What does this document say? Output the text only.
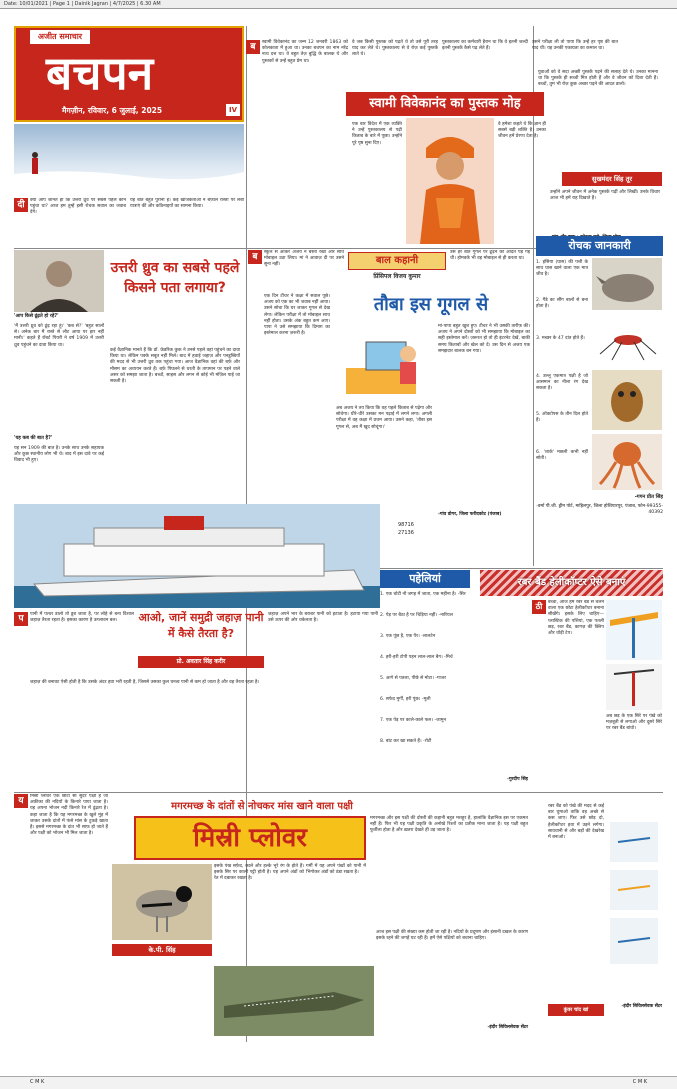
Date: 10/01/2021 | Page 1 | Dainik Jagran | 4/7/2025 | 6.30 AM
अजीत समाचार
बचपन
मैगज़ीन, रविवार, 6 जुलाई, 2025	IV
ब	स्वामी विवेकानंद का जन्म 12 जनवरी 1863 को कोलकाता में हुआ था। उनका बचपन का नाम नरेंद्र नाथ दत्त था। वे बहुत तेज़ बुद्धि के बालक थे और पुस्तकों से उन्हें बहुत प्रेम था।
वे जब किसी पुस्तक को पढ़ते थे तो उसे पूरी तरह याद कर लेते थे। पुस्तकालय से वे रोज़ कई पुस्तकें लाते थे।
पुस्तकालय का कर्मचारी हैरान था कि वे इतनी जल्दी इतनी पुस्तकें कैसे पढ़ लेते हैं।
उसने परीक्षा ली तो पाया कि उन्हें हर पृष्ठ की बात याद थी। यह उनकी एकाग्रता का कमाल था।
स्वामी विवेकानंद का पुस्तक मोह
एक बार विदेश में एक व्यक्ति ने उन्हें पुस्तकालय से पढ़ी किताब के बारे में पूछा। उन्होंने पूरे पृष्ठ सुना दिए।
वे हमेशा कहते थे कि ज्ञान ही सबसे बड़ी शक्ति है। उनका जीवन हमें प्रेरणा देता है।
युवाओं को वे सदा अच्छी पुस्तकें पढ़ने की सलाह देते थे। उनका मानना था कि पुस्तकें ही सच्ची मित्र होती हैं और वे जीवन को दिशा देती हैं। बच्चों, तुम भी रोज़ कुछ अच्छा पढ़ने की आदत डालो।
सुखमंदर सिंह तूर
उन्होंने अपने जीवन में अनेक पुस्तकें पढ़ीं और लिखीं। उनके विचार आज भी हमें राह दिखाते हैं।
दी	क्या आप जानते हो कि उत्तरी ध्रुव पर सबसे पहले कौन पहुंचा था? आज हम तुम्हें इसी रोचक सवाल का जवाब देंगे।
यह बात बहुत पुरानी है। कई खोजकर्ताओं ने बर्फ़ीले रास्तों पर लंबी यात्राएं कीं और कठिनाइयों का सामना किया।
उत्तरी ध्रुव का सबसे पहले किसने पता लगाया?
'आप किसे ढूंढ़ते हो रहे?'
'मैं उत्तरी ध्रुव को ढूंढ़ रहा हूं।' 'कब से?' 'बहुत सालों से। अनेक बार मैं रास्ते से लौट आया पर हार नहीं मानी।' कहते हैं रॉबर्ट पियरी ने वर्ष 1909 में उत्तरी ध्रुव पहुंचने का दावा किया था।
'यह कब की बात है?'
यह सन 1909 की बात है। उनके साथ उनके सहायक और कुछ स्थानीय लोग भी थे। बाद में इस दावे पर कई विवाद भी हुए।
कई वैज्ञानिक मानते हैं कि डॉ. फ्रेडरिक कुक ने उनसे पहले वहां पहुंचने का दावा किया था। लेकिन पक्के सबूत नहीं मिले। बाद में हवाई जहाज़ और पनडुब्बियों की मदद से भी उत्तरी ध्रुव तक पहुंचा गया। आज वैज्ञानिक वहां की बर्फ़ और मौसम का अध्ययन करते हैं। बर्फ़ पिघलने से धरती के तापमान पर पड़ने वाले असर को समझा जाता है। बच्चों, साहस और लगन से कोई भी मंज़िल पाई जा सकती है।
ब	स्कूल से आकर अजय ने बस्ता रखा और सीधे मोबाइल उठा लिया। मां ने आवाज़ दी पर उसने सुना नहीं।	बाल कहानी
प्रिंसिपल विजय कुमार
उसे हर बात गूगल पर ढूंढ़ने की आदत पड़ गई थी। होमवर्क भी वह मोबाइल से ही करता था।
तौबा इस गूगल से
एक दिन टीचर ने कक्षा में सवाल पूछे। अजय को एक का भी जवाब नहीं आया। उसने सोचा कि घर जाकर गूगल से देख लेगा। लेकिन परीक्षा में तो मोबाइल साथ नहीं होता। उसके अंक बहुत कम आए। पापा ने उसे समझाया कि दिमाग़ का इस्तेमाल करना ज़रूरी है।
अब अजय ने तय किया कि वह पहले किताब से पढ़ेगा और सोचेगा। धीरे-धीरे उसका मन पढ़ाई में लगने लगा। अगली परीक्षा में वह कक्षा में प्रथम आया। उसने कहा, 'तौबा इस गूगल से, अब मैं खुद सोचूंगा।'
मां-पापा बहुत खुश हुए। टीचर ने भी उसकी तारीफ़ की। अजय ने अपने दोस्तों को भी समझाया कि मोबाइल का सही इस्तेमाल करें। ज़रूरत हो तो ही इंटरनेट देखें, बाकी समय किताबों और खेल को दें। उस दिन से अजय एक समझदार बालक बन गया।
98716
27136
-गांव डोगर, जिला फरीदकोट (पंजाब)
रोचक जानकारी
1. हंसिया (घास) की पत्ती के साथ घास खाने वाला एक मात्र जीव है।
2. गैंडे का सींग बालों से बना होता है।
3. मच्छर के 47 दांत होते हैं।
4. उल्लू एकमात्र पक्षी है जो आसमान का नीला रंग देख सकता है।
5. ऑक्टोपस के तीन दिल होते हैं।
6. 'शार्क' मछली कभी नहीं सोती।
-गगन प्रीत सिंह
-वर्मा पी.जी. ड्रीम पोर्ट, माहिलपुर, जिला होशियारपुर, पंजाब, फोन-99355-40392
प	पानी में पत्थर डालो तो डूब जाता है, पर लोहे से बना विशाल जहाज़ तैरता रहता है। इसका कारण है उत्प्लावन बल।	आओ, जानें समुद्री जहाज़ पानी में कैसे तैरता है?
जहाज़ अपने भार के बराबर पानी को हटाता है। हटाया गया पानी उसे ऊपर की ओर धकेलता है।
प्रो. अवतार सिंह करीर
जहाज़ की बनावट ऐसी होती है कि उसके अंदर हवा भरी रहती है, जिससे उसका कुल घनत्व पानी से कम हो जाता है और वह तैरता रहता है।
पहेलियां
1. एक चोटी नौ जगह में जाता, एक महीना है। -सिर
2. पेड़ पर बैठा है पर चिड़िया नहीं। -नारियल
3. एक पूंछ है, एक पैर। -लालटेन
4. हरी-हरी टोपी पहन लाल-लाल बैग। -मिर्च
5. आगे से पतला, पीछे से मोटा। -गाजर
6. सफेद मुर्गी, हरी पूंछ। -मूली
7. एक पेड़ पर काले-काले फल। -जामुन
8. बांट कर खा सकते हैं। -रोटी
-गुरदीप सिंह
रबर बैंड हेलीकॉप्टर ऐसे बनाएं
ठी	बच्चों, आज हम रबर बैंड से चलने वाला एक छोटा हेलीकॉप्टर बनाना सीखेंगे। इसके लिए चाहिए—प्लास्टिक की पत्तियां, एक पतली छड़, रबर बैंड, कागज़ की क्लिप और थोड़ी टेप।
अब छड़ के एक सिरे पर पंखे को मज़बूती से लगाओ और दूसरे सिरे पर रबर बैंड बांधो।
रबर बैंड को पंखे की मदद से कई बार घुमाओ ताकि वह अच्छे से कस जाए। फिर उसे छोड़ दो, हेलीकॉप्टर हवा में उड़ने लगेगा। सावधानी से और बड़ों की देखरेख में बनाओ।
कुंवर चांद खां
-इंदौर सिविलसेवक सेंटर
य	मिस्री प्लोवर एक छोटा सा सुंदर पक्षी है जो अफ्रीका की नदियों के किनारे पाया जाता है। यह अपना भोजन नदी किनारे रेत में ढूंढ़ता है। कहा जाता है कि यह मगरमच्छ के खुले मुंह में जाकर उसके दांतों में फंसे मांस के टुकड़े खाता है। इससे मगरमच्छ के दांत भी साफ़ हो जाते हैं और पक्षी को भोजन भी मिल जाता है।
मगरमच्छ के दांतों से नोचकर मांस खाने वाला पक्षी
मिस्री प्लोवर
इसके पंख सफ़ेद, काले और हल्के भूरे रंग के होते हैं। इसके सिर पर काली पट्टी होती है। यह अपने अंडों को रेत में दबाकर रखता है।
गर्मी में यह अपने पंखों को पानी में भिगोकर अंडों को ठंडा रखता है।
मगरमच्छ और इस पक्षी की दोस्ती की कहानी बहुत मशहूर है, हालांकि वैज्ञानिक इस पर एकमत नहीं हैं। फिर भी यह पक्षी प्रकृति के अनोखे रिश्तों का प्रतीक माना जाता है। यह पक्षी बहुत फुर्तीला होता है और ख़तरा देखते ही उड़ जाता है।
के.पी. सिंह
आज इस पक्षी की संख्या कम होती जा रही है। नदियों के प्रदूषण और इंसानी दखल के कारण इसके रहने की जगहें घट रही हैं। हमें ऐसे पक्षियों को बचाना चाहिए।
-इंदौर सिविलसेवक सेंटर
C M K	C M K
